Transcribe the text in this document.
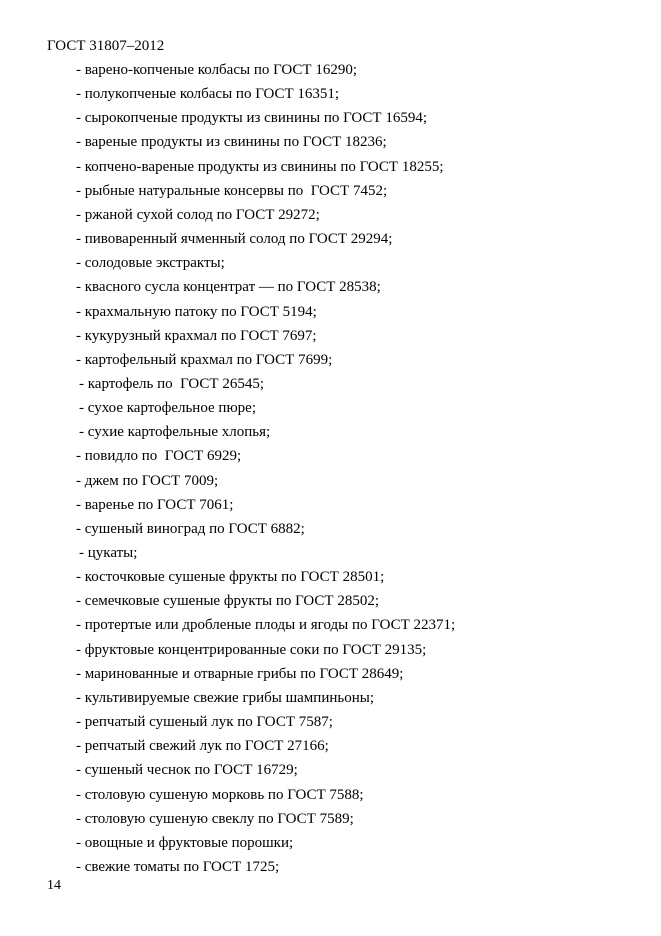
ГОСТ 31807–2012
- варено-копченые колбасы по ГОСТ 16290;
- полукопченые колбасы по ГОСТ 16351;
- сырокопченые продукты из свинины по ГОСТ 16594;
- вареные продукты из свинины по ГОСТ 18236;
- копчено-вареные продукты из свинины по ГОСТ 18255;
- рыбные натуральные консервы по  ГОСТ 7452;
- ржаной сухой солод по ГОСТ 29272;
- пивоваренный ячменный солод по ГОСТ 29294;
- солодовые экстракты;
- квасного сусла концентрат — по ГОСТ 28538;
- крахмальную патоку по ГОСТ 5194;
- кукурузный крахмал по ГОСТ 7697;
- картофельный крахмал по ГОСТ 7699;
- картофель по  ГОСТ 26545;
- сухое картофельное пюре;
- сухие картофельные хлопья;
- повидло по  ГОСТ 6929;
- джем по ГОСТ 7009;
- варенье по ГОСТ 7061;
- сушеный виноград по ГОСТ 6882;
- цукаты;
- косточковые сушеные фрукты по ГОСТ 28501;
- семечковые сушеные фрукты по ГОСТ 28502;
- протертые или дробленые плоды и ягоды по ГОСТ 22371;
- фруктовые концентрированные соки по ГОСТ 29135;
- маринованные и отварные грибы по ГОСТ 28649;
- культивируемые свежие грибы шампиньоны;
- репчатый сушеный лук по ГОСТ 7587;
- репчатый свежий лук по ГОСТ 27166;
- сушеный чеснок по ГОСТ 16729;
- столовую сушеную морковь по ГОСТ 7588;
- столовую сушеную свеклу по ГОСТ 7589;
- овощные и фруктовые порошки;
- свежие томаты по ГОСТ 1725;
14
